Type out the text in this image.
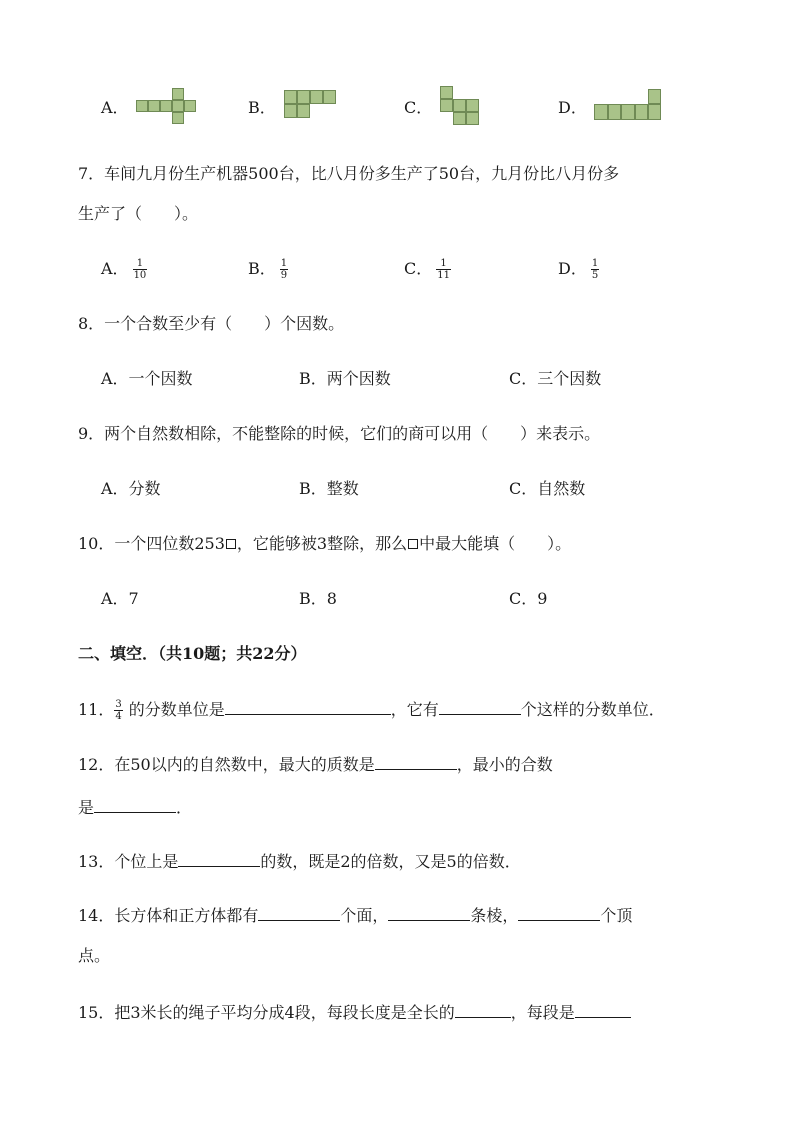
A．	B．	C．	D．
7．车间九月份生产机器500台，比八月份多生产了50台，九月份比八月份多
生产了（　　）。
A． $\frac{1}{10}$	B． $\frac{1}{9}$	C． $\frac{1}{11}$	D． $\frac{1}{5}$
8．一个合数至少有（　　）个因数。
A．一个因数	B．两个因数	C．三个因数
9．两个自然数相除，不能整除的时候，它们的商可以用（　　）来表示。
A．分数	B．整数	C．自然数
10．一个四位数253 ，它能够被3整除，那么 中最大能填（　　）。
A．7	B．8	C．9
二、填空．（共10题；共22分）
11． $\frac{3}{4}$ 的分数单位是	，它有	个这样的分数单位．
12．在50以内的自然数中，最大的质数是	，最小的合数
是	．
13．个位上是	的数，既是2的倍数，又是5的倍数．
14．长方体和正方体都有	个面，	条棱，	个顶
点。
15．把3米长的绳子平均分成4段，每段长度是全长的	，每段是
